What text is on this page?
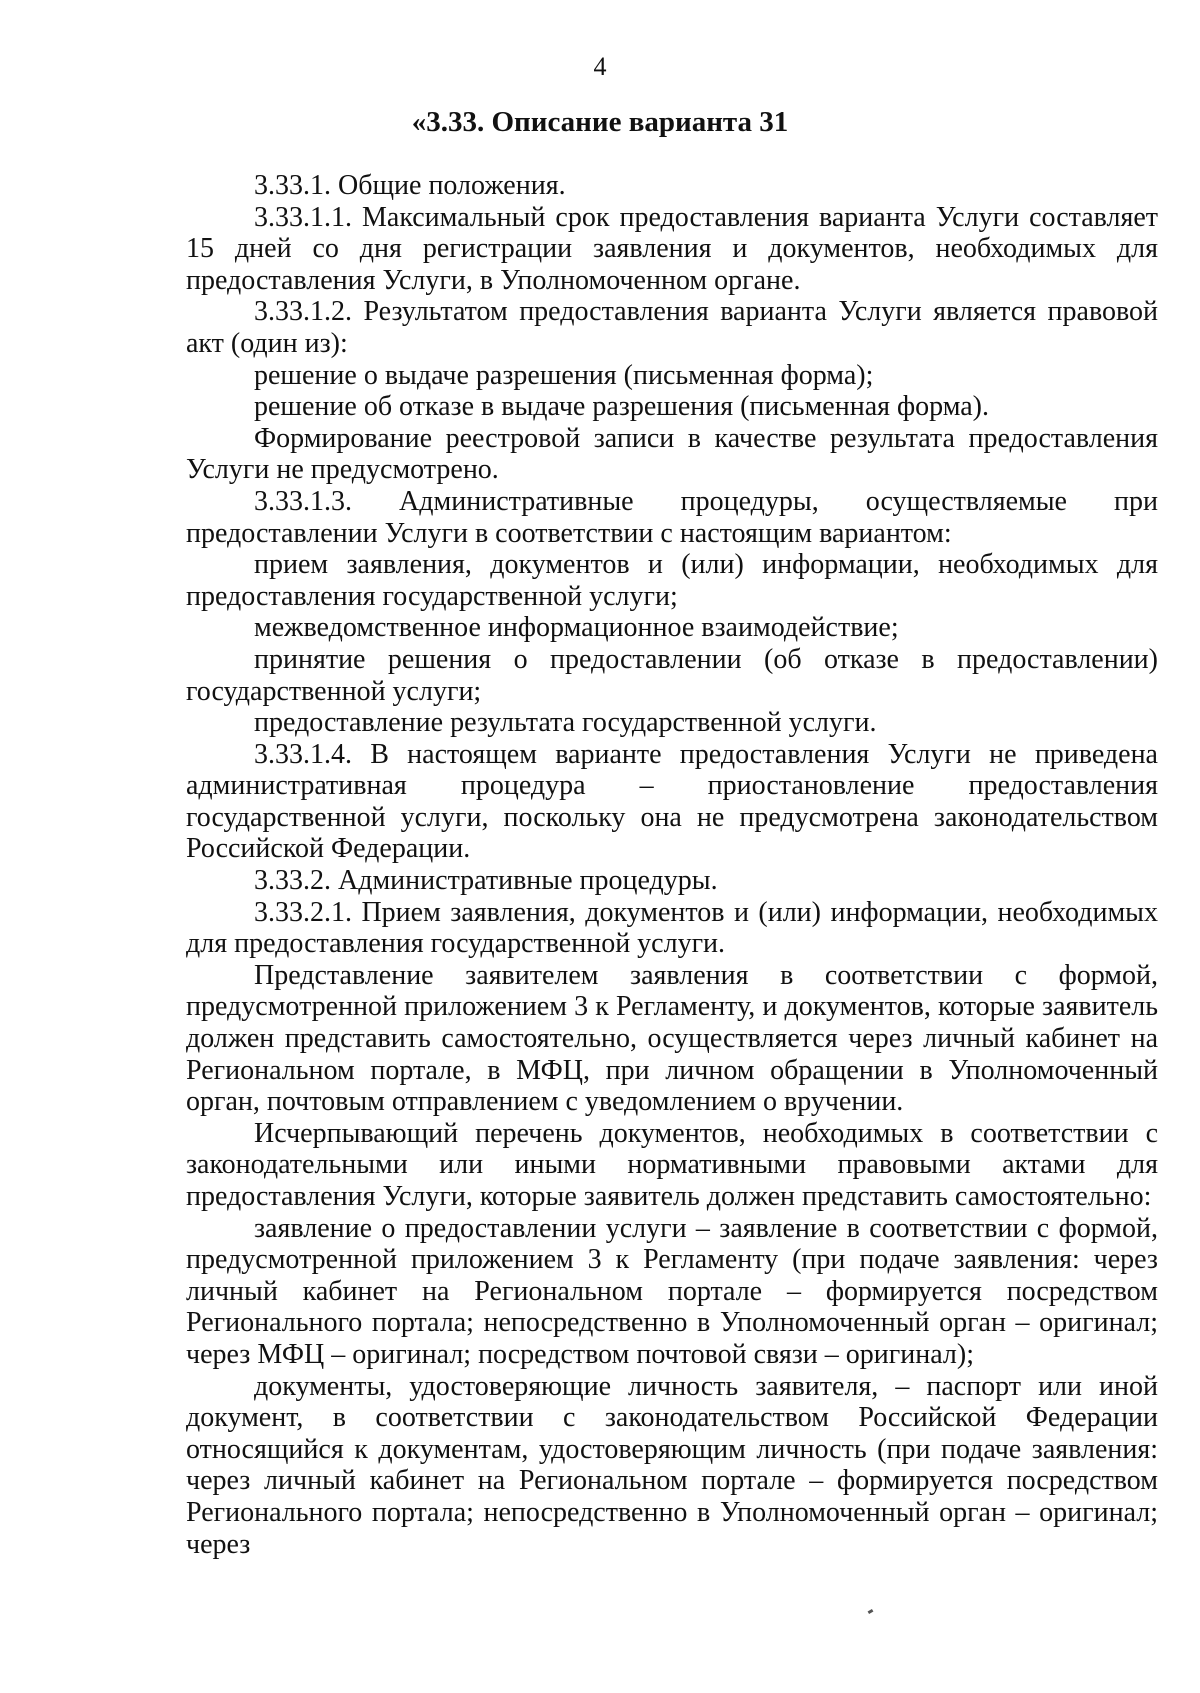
4
«3.33. Описание варианта 31

3.33.1. Общие положения.

3.33.1.1. Максимальный срок предоставления варианта Услуги составляет 15 дней со дня регистрации заявления и документов, необходимых для предоставления Услуги, в Уполномоченном органе.

3.33.1.2. Результатом предоставления варианта Услуги является правовой акт (один из):

решение о выдаче разрешения (письменная форма);

решение об отказе в выдаче разрешения (письменная форма).

Формирование реестровой записи в качестве результата предоставления Услуги не предусмотрено.

3.33.1.3. Административные процедуры, осуществляемые при предоставлении Услуги в соответствии с настоящим вариантом:

прием заявления, документов и (или) информации, необходимых для предоставления государственной услуги;

межведомственное информационное взаимодействие;

принятие решения о предоставлении (об отказе в предоставлении) государственной услуги;

предоставление результата государственной услуги.

3.33.1.4. В настоящем варианте предоставления Услуги не приведена административная процедура – приостановление предоставления государственной услуги, поскольку она не предусмотрена законодательством Российской Федерации.

3.33.2. Административные процедуры.

3.33.2.1. Прием заявления, документов и (или) информации, необходимых для предоставления государственной услуги.

Представление заявителем заявления в соответствии с формой, предусмотренной приложением 3 к Регламенту, и документов, которые заявитель должен представить самостоятельно, осуществляется через личный кабинет на Региональном портале, в МФЦ, при личном обращении в Уполномоченный орган, почтовым отправлением с уведомлением о вручении.

Исчерпывающий перечень документов, необходимых в соответствии с законодательными или иными нормативными правовыми актами для предоставления Услуги, которые заявитель должен представить самостоятельно:

заявление о предоставлении услуги – заявление в соответствии с формой, предусмотренной приложением 3 к Регламенту (при подаче заявления: через личный кабинет на Региональном портале – формируется посредством Регионального портала; непосредственно в Уполномоченный орган – оригинал; через МФЦ – оригинал; посредством почтовой связи – оригинал);

документы, удостоверяющие личность заявителя, – паспорт или иной документ, в соответствии с законодательством Российской Федерации относящийся к документам, удостоверяющим личность (при подаче заявления: через личный кабинет на Региональном портале – формируется посредством Регионального портала; непосредственно в Уполномоченный орган – оригинал; через
